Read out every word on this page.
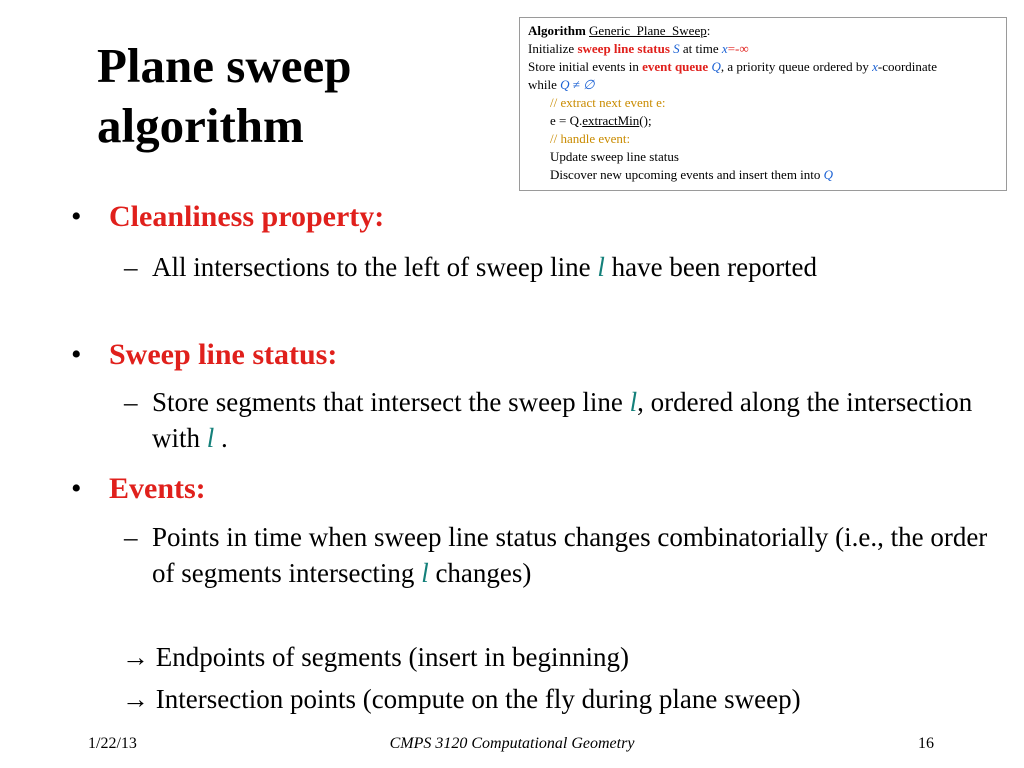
Plane sweep
algorithm
Algorithm Generic_Plane_Sweep:
Initialize sweep line status S at time x=-∞
Store initial events in event queue Q, a priority queue ordered by x-coordinate
while Q ≠ ∅
// extract next event e:
e = Q.extractMin();
// handle event:
Update sweep line status
Discover new upcoming events and insert them into Q
• Cleanliness property:
– All intersections to the left of sweep line l have been reported
• Sweep line status:
– Store segments that intersect the sweep line l, ordered along the intersection with l .
• Events:
– Points in time when sweep line status changes combinatorially (i.e., the order of segments intersecting l changes)
→ Endpoints of segments (insert in beginning)
→ Intersection points (compute on the fly during plane sweep)
1/22/13	CMPS 3120 Computational Geometry	16
